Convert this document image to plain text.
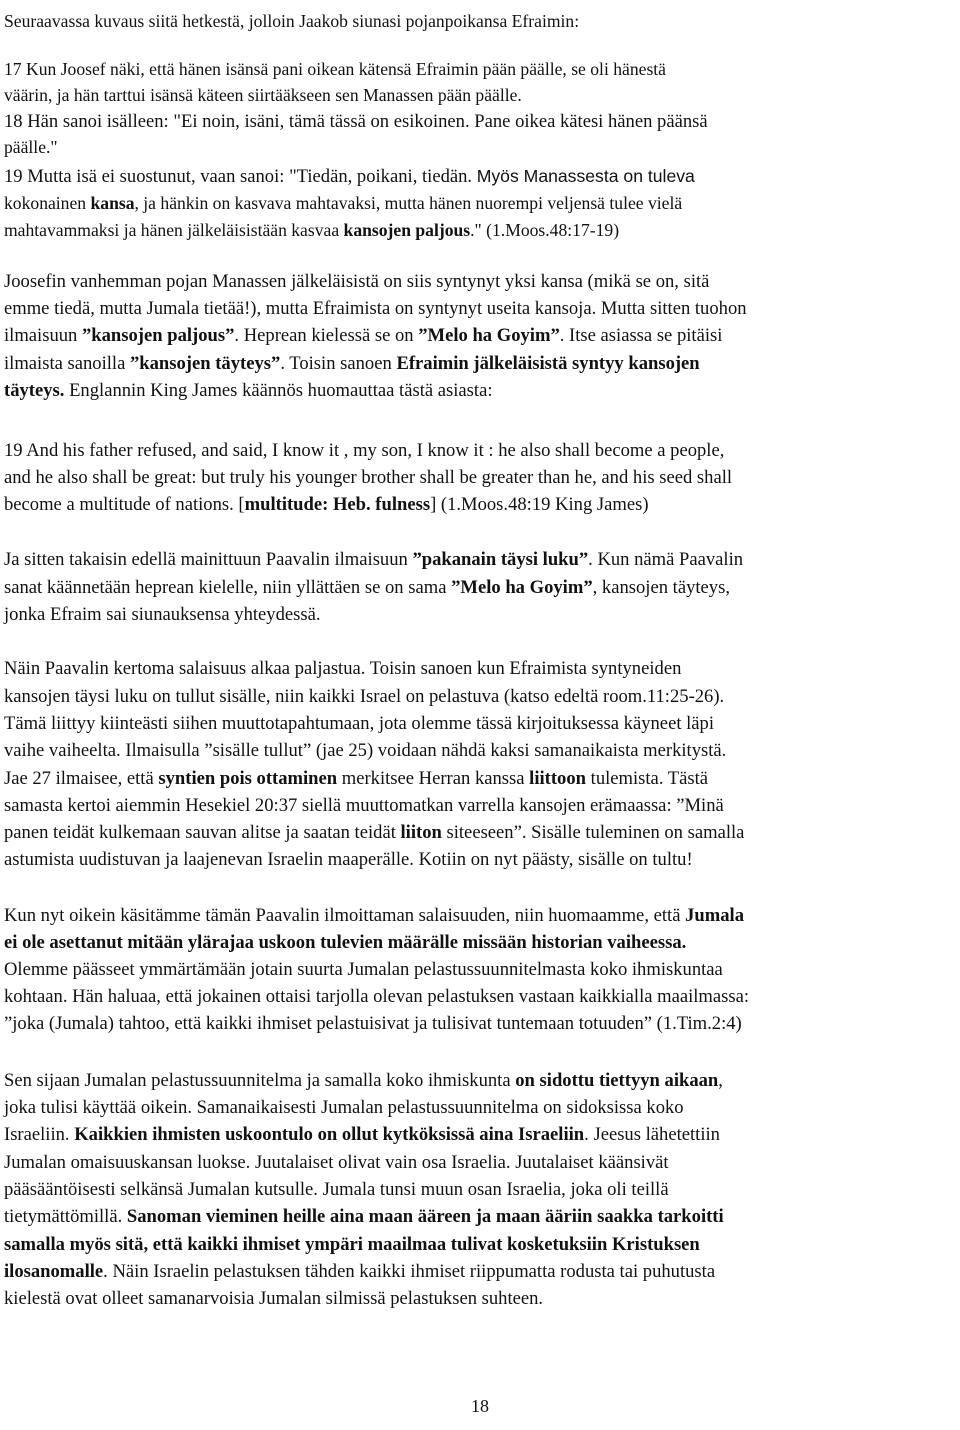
Seuraavassa kuvaus siitä hetkestä, jolloin Jaakob siunasi pojanpoikansa Efraimin:
17 Kun Joosef näki, että hänen isänsä pani oikean kätensä Efraimin pään päälle, se oli hänestä
väärin, ja hän tarttui isänsä käteen siirtääkseen sen Manassen pään päälle.
18 Hän sanoi isälleen: "Ei noin, isäni, tämä tässä on esikoinen. Pane oikea kätesi hänen päänsä
päälle."
19 Mutta isä ei suostunut, vaan sanoi: "Tiedän, poikani, tiedän. Myös Manassesta on tuleva
kokonainen kansa, ja hänkin on kasvava mahtavaksi, mutta hänen nuorempi veljensä tulee vielä
mahtavammaksi ja hänen jälkeläisistään kasvaa kansojen paljous." (1.Moos.48:17-19)
Joosefin vanhemman pojan Manassen jälkeläisistä on siis syntynyt yksi kansa (mikä se on, sitä
emme tiedä, mutta Jumala tietää!), mutta Efraimista on syntynyt useita kansoja. Mutta sitten tuohon
ilmaisuun ”kansojen paljous”. Heprean kielessä se on ”Melo ha Goyim”. Itse asiassa se pitäisi
ilmaista sanoilla ”kansojen täyteys”. Toisin sanoen Efraimin jälkeläisistä syntyy kansojen
täyteys. Englannin King James käännös huomauttaa tästä asiasta:
19 And his father refused, and said, I know it , my son, I know it : he also shall become a people,
and he also shall be great: but truly his younger brother shall be greater than he, and his seed shall
become a multitude of nations. [multitude: Heb. fulness] (1.Moos.48:19 King James)
Ja sitten takaisin edellä mainittuun Paavalin ilmaisuun ”pakanain täysi luku”. Kun nämä Paavalin
sanat käännetään heprean kielelle, niin yllättäen se on sama ”Melo ha Goyim”, kansojen täyteys,
jonka Efraim sai siunauksensa yhteydessä.
Näin Paavalin kertoma salaisuus alkaa paljastua. Toisin sanoen kun Efraimista syntyneiden
kansojen täysi luku on tullut sisälle, niin kaikki Israel on pelastuva (katso edeltä room.11:25-26).
Tämä liittyy kiinteästi siihen muuttotapahtumaan, jota olemme tässä kirjoituksessa käyneet läpi
vaihe vaiheelta. Ilmaisulla ”sisälle tullut” (jae 25) voidaan nähdä kaksi samanaikaista merkitystä.
Jae 27 ilmaisee, että syntien pois ottaminen merkitsee Herran kanssa liittoon tulemista. Tästä
samasta kertoi aiemmin Hesekiel 20:37 siellä muuttomatkan varrella kansojen erämaassa: ”Minä
panen teidät kulkemaan sauvan alitse ja saatan teidät liiton siteeseen”. Sisälle tuleminen on samalla
astumista uudistuvan ja laajenevan Israelin maaperälle. Kotiin on nyt päästy, sisälle on tultu!
Kun nyt oikein käsitämme tämän Paavalin ilmoittaman salaisuuden, niin huomaamme, että Jumala
ei ole asettanut mitään ylärajaa uskoon tulevien määrälle missään historian vaiheessa.
Olemme päässeet ymmärtämään jotain suurta Jumalan pelastussuunnitelmasta koko ihmiskuntaa
kohtaan. Hän haluaa, että jokainen ottaisi tarjolla olevan pelastuksen vastaan kaikkialla maailmassa:
”joka (Jumala) tahtoo, että kaikki ihmiset pelastuisivat ja tulisivat tuntemaan totuuden” (1.Tim.2:4)
Sen sijaan Jumalan pelastussuunnitelma ja samalla koko ihmiskunta on sidottu tiettyyn aikaan,
joka tulisi käyttää oikein. Samanaikaisesti Jumalan pelastussuunnitelma on sidoksissa koko
Israeliin. Kaikkien ihmisten uskoontulo on ollut kytköksissä aina Israeliin. Jeesus lähetettiin
Jumalan omaisuuskansan luokse. Juutalaiset olivat vain osa Israelia. Juutalaiset käänsivät
pääsääntöisesti selkänsä Jumalan kutsulle. Jumala tunsi muun osan Israelia, joka oli teillä
tietymättömillä. Sanoman vieminen heille aina maan ääreen ja maan ääriin saakka tarkoitti
samalla myös sitä, että kaikki ihmiset ympäri maailmaa tulivat kosketuksiin Kristuksen
ilosanomalle. Näin Israelin pelastuksen tähden kaikki ihmiset riippumatta rodusta tai puhutusta
kielestä ovat olleet samanarvoisia Jumalan silmissä pelastuksen suhteen.
18
